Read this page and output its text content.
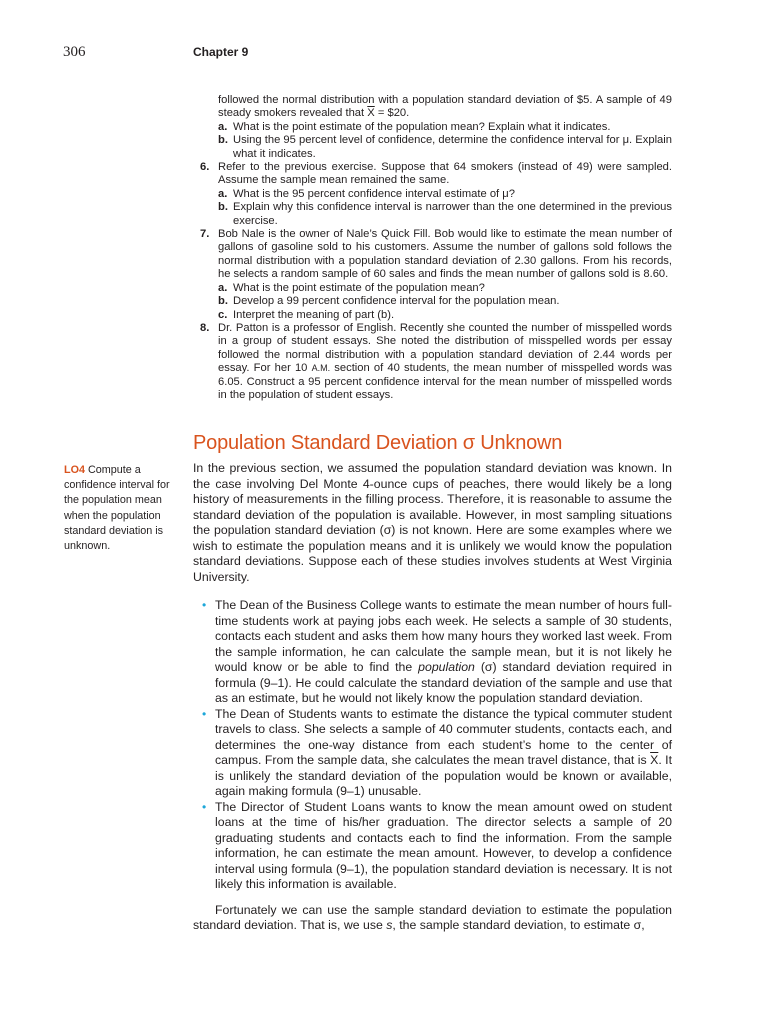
306	Chapter 9
followed the normal distribution with a population standard deviation of $5. A sample of 49 steady smokers revealed that $\overline{X}$ = $20.
a. What is the point estimate of the population mean? Explain what it indicates.
b. Using the 95 percent level of confidence, determine the confidence interval for μ. Explain what it indicates.
6. Refer to the previous exercise. Suppose that 64 smokers (instead of 49) were sampled. Assume the sample mean remained the same.
a. What is the 95 percent confidence interval estimate of μ?
b. Explain why this confidence interval is narrower than the one determined in the previous exercise.
7. Bob Nale is the owner of Nale’s Quick Fill. Bob would like to estimate the mean number of gallons of gasoline sold to his customers. Assume the number of gallons sold follows the normal distribution with a population standard deviation of 2.30 gallons. From his records, he selects a random sample of 60 sales and finds the mean number of gallons sold is 8.60.
a. What is the point estimate of the population mean?
b. Develop a 99 percent confidence interval for the population mean.
c. Interpret the meaning of part (b).
8. Dr. Patton is a professor of English. Recently she counted the number of misspelled words in a group of student essays. She noted the distribution of misspelled words per essay followed the normal distribution with a population standard deviation of 2.44 words per essay. For her 10 A.M. section of 40 students, the mean number of misspelled words was 6.05. Construct a 95 percent confidence interval for the mean number of misspelled words in the population of student essays.
Population Standard Deviation σ Unknown
LO4 Compute a confidence interval for the population mean when the population standard deviation is unknown.

In the previous section, we assumed the population standard deviation was known. In the case involving Del Monte 4-ounce cups of peaches, there would likely be a long history of measurements in the filling process. Therefore, it is reasonable to assume the standard deviation of the population is available. However, in most sampling situations the population standard deviation (σ) is not known. Here are some examples where we wish to estimate the population means and it is unlikely we would know the population standard deviations. Suppose each of these studies involves students at West Virginia University.

• The Dean of the Business College wants to estimate the mean number of hours full-time students work at paying jobs each week. He selects a sample of 30 students, contacts each student and asks them how many hours they worked last week. From the sample information, he can calculate the sample mean, but it is not likely he would know or be able to find the population (σ) standard deviation required in formula (9–1). He could calculate the standard deviation of the sample and use that as an estimate, but he would not likely know the population standard deviation.
• The Dean of Students wants to estimate the distance the typical commuter student travels to class. She selects a sample of 40 commuter students, contacts each, and determines the one-way distance from each student’s home to the center of campus. From the sample data, she calculates the mean travel distance, that is $\overline{X}$. It is unlikely the standard deviation of the population would be known or available, again making formula (9–1) unusable.
• The Director of Student Loans wants to know the mean amount owed on student loans at the time of his/her graduation. The director selects a sample of 20 graduating students and contacts each to find the information. From the sample information, he can estimate the mean amount. However, to develop a confidence interval using formula (9–1), the population standard deviation is necessary. It is not likely this information is available.

Fortunately we can use the sample standard deviation to estimate the population standard deviation. That is, we use s, the sample standard deviation, to estimate σ,
